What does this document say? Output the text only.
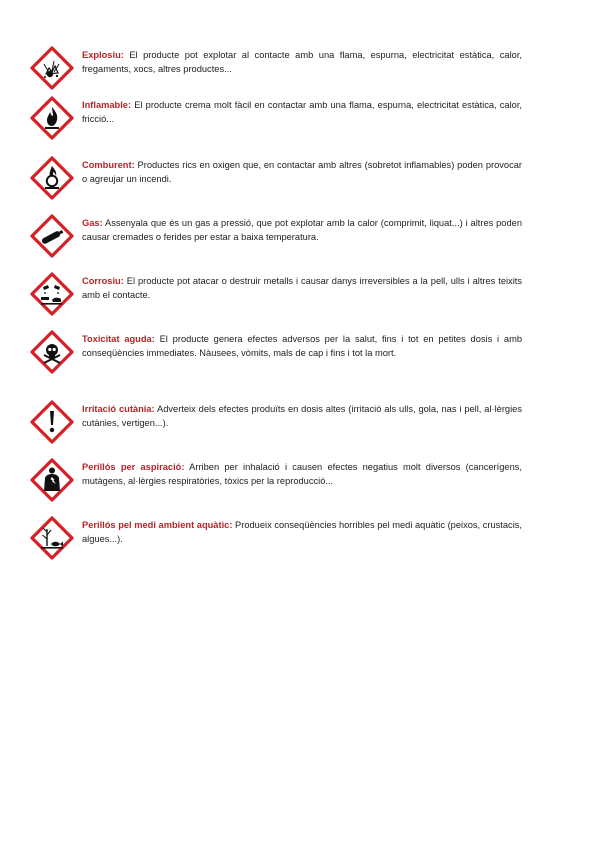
Explosiu: El producte pot explotar al contacte amb una flama, espurna, electricitat estàtica, calor, fregaments, xocs, altres productes...
Inflamable: El producte crema molt fàcil en contactar amb una flama, espurna, electricitat estàtica, calor, fricció...
Comburent: Productes rics en oxigen que, en contactar amb altres (sobretot inflamables) poden provocar o agreujar un incendi.
Gas: Assenyala que és un gas a pressió, que pot explotar amb la calor (comprimit, liquat...) i altres poden causar cremades o ferides per estar a baixa temperatura.
Corrosiu: El producte pot atacar o destruir metalls i causar danys irreversibles a la pell, ulls i altres teixits amb el contacte.
Toxicitat aguda: El producte genera efectes adversos per la salut, fins i tot en petites dosis i amb conseqüències immediates. Nàusees, vòmits, mals de cap i fins i tot la mort.
Irritació cutània: Adverteix dels efectes produïts en dosis altes (irritació als ulls, gola, nas i pell, al·lèrgies cutànies, vertigen...).
Perillós per aspiració: Arriben per inhalació i causen efectes negatius molt diversos (cancerígens, mutàgens, al·lèrgies respiratòries, tòxics per la reproducció...
Perillós pel medi ambient aquàtic: Produeix conseqüències horribles pel medi aquàtic (peixos, crustacis, algues...).
